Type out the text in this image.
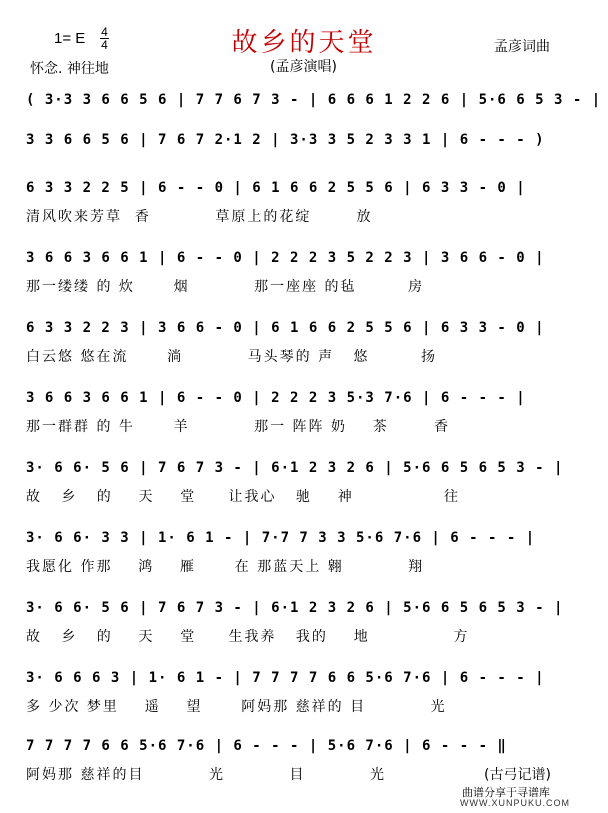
故乡的天堂
1= E 4
4	孟彦词曲
怀念. 神往地	(孟彦演唱)
( 3·3 3 6 6 5 6 | 7 7 6 7 3 - | 6 6 6 1 2 2 6 | 5·6 6 5 3 - |
3 3 6 6 5 6 | 7 6 7 2·1 2 | 3·3 3 5 2 3 3 1 | 6 - - - )
6 3 3 2 2 5 | 6 - - 0 | 6 1 6 6 2 5 5 6 | 6 3 3 - 0 |
清风吹来芳草  香          草原上的花绽       放
3 6 6 3 6 6 1 | 6 - - 0 | 2 2 2 3 5 2 2 3 | 3 6 6 - 0 |
那一缕缕 的 炊      烟          那一座座 的毡        房
6 3 3 2 2 3 | 3 6 6 - 0 | 6 1 6 6 2 5 5 6 | 6 3 3 - 0 |
白云悠 悠在流      淌          马头琴的 声   悠        扬
3 6 6 3 6 6 1 | 6 - - 0 | 2 2 2 3 5·3 7·6 | 6 - - - |
那一群群 的 牛      羊          那一 阵阵 奶    茶       香
3· 6 6· 5 6 | 7 6 7 3 - | 6·1 2 3 2 6 | 5·6 6 5 6 5 3 - |
故   乡   的    天    堂     让我心   驰    神              往
3· 6 6· 3 3 | 1· 6 1 - | 7·7 7 3 3 5·6 7·6 | 6 - - - |
我愿化 作那    鸿    雁      在 那蓝天上 翱          翔
3· 6 6· 5 6 | 7 6 7 3 - | 6·1 2 3 2 6 | 5·6 6 5 6 5 3 - |
故   乡   的    天    堂     生我养   我的    地             方
3· 6 6 6 3 | 1· 6 1 - | 7 7 7 7 6 6 5·6 7·6 | 6 - - - |
多 少次 梦里    遥    望      阿妈那 慈祥的 目          光
7 7 7 7 6 6 5·6 7·6 | 6 - - - | 5·6 7·6 | 6 - - - ‖
阿妈那 慈祥的目          光          目          光	(古弓记谱)
曲谱分享于寻谱库
WWW.XUNPUKU.COM
